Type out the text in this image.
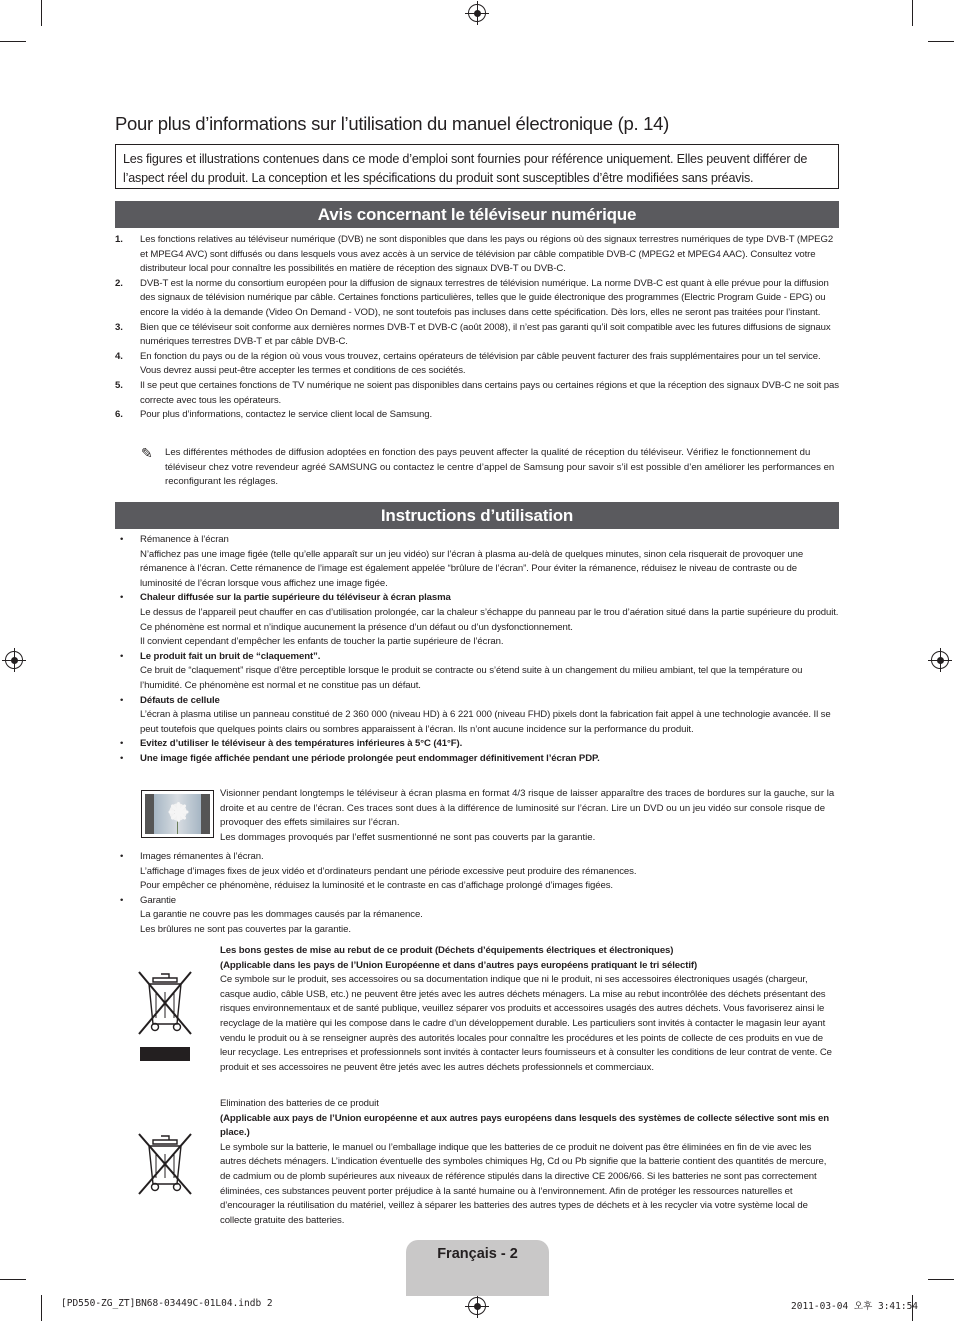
Pour plus d’informations sur l’utilisation du manuel électronique (p. 14)
Les figures et illustrations contenues dans ce mode d’emploi sont fournies pour référence uniquement. Elles peuvent différer de l’aspect réel du produit. La conception et les spécifications du produit sont susceptibles d’être modifiées sans préavis.
Avis concernant le téléviseur numérique
1. Les fonctions relatives au téléviseur numérique (DVB) ne sont disponibles que dans les pays ou régions où des signaux terrestres numériques de type DVB-T (MPEG2 et MPEG4 AVC) sont diffusés ou dans lesquels vous avez accès à un service de télévision par câble compatible DVB-C (MPEG2 et MPEG4 AAC). Consultez votre distributeur local pour connaître les possibilités en matière de réception des signaux DVB-T ou DVB-C.
2. DVB-T est la norme du consortium européen pour la diffusion de signaux terrestres de télévision numérique. La norme DVB-C est quant à elle prévue pour la diffusion des signaux de télévision numérique par câble. Certaines fonctions particulières, telles que le guide électronique des programmes (Electric Program Guide - EPG) ou encore la vidéo à la demande (Video On Demand - VOD), ne sont toutefois pas incluses dans cette spécification. Dès lors, elles ne seront pas traitées pour l’instant.
3. Bien que ce téléviseur soit conforme aux dernières normes DVB-T et DVB-C (août 2008), il n’est pas garanti qu’il soit compatible avec les futures diffusions de signaux numériques terrestres DVB-T et par câble DVB-C.
4. En fonction du pays ou de la région où vous vous trouvez, certains opérateurs de télévision par câble peuvent facturer des frais supplémentaires pour un tel service. Vous devrez aussi peut-être accepter les termes et conditions de ces sociétés.
5. Il se peut que certaines fonctions de TV numérique ne soient pas disponibles dans certains pays ou certaines régions et que la réception des signaux DVB-C ne soit pas correcte avec tous les opérateurs.
6. Pour plus d’informations, contactez le service client local de Samsung.
✎ Les différentes méthodes de diffusion adoptées en fonction des pays peuvent affecter la qualité de réception du téléviseur. Vérifiez le fonctionnement du téléviseur chez votre revendeur agréé SAMSUNG ou contactez le centre d’appel de Samsung pour savoir s’il est possible d’en améliorer les performances en reconfigurant les réglages.
Instructions d’utilisation
• Rémanence à l’écran
N’affichez pas une image figée (telle qu’elle apparaît sur un jeu vidéo) sur l’écran à plasma au-delà de quelques minutes, sinon cela risquerait de provoquer une rémanence à l’écran. Cette rémanence de l’image est également appelée “brûlure de l’écran”. Pour éviter la rémanence, réduisez le niveau de contraste ou de luminosité de l’écran lorsque vous affichez une image figée.
• Chaleur diffusée sur la partie supérieure du téléviseur à écran plasma
Le dessus de l’appareil peut chauffer en cas d’utilisation prolongée, car la chaleur s’échappe du panneau par le trou d’aération situé dans la partie supérieure du produit.
Ce phénomène est normal et n’indique aucunement la présence d’un défaut ou d’un dysfonctionnement.
Il convient cependant d’empêcher les enfants de toucher la partie supérieure de l’écran.
• Le produit fait un bruit de “claquement”.
Ce bruit de “claquement” risque d’être perceptible lorsque le produit se contracte ou s’étend suite à un changement du milieu ambiant, tel que la température ou l’humidité. Ce phénomène est normal et ne constitue pas un défaut.
• Défauts de cellule
L’écran à plasma utilise un panneau constitué de 2 360 000 (niveau HD) à 6 221 000 (niveau FHD) pixels dont la fabrication fait appel à une technologie avancée. Il se peut toutefois que quelques points clairs ou sombres apparaissent à l’écran. Ils n’ont aucune incidence sur la performance du produit.
• Evitez d’utiliser le téléviseur à des températures inférieures à 5°C (41°F).
• Une image figée affichée pendant une période prolongée peut endommager définitivement l’écran PDP.
Visionner pendant longtemps le téléviseur à écran plasma en format 4/3 risque de laisser apparaître des traces de bordures sur la gauche, sur la droite et au centre de l’écran. Ces traces sont dues à la différence de luminosité sur l’écran. Lire un DVD ou un jeu vidéo sur console risque de provoquer des effets similaires sur l’écran.
Les dommages provoqués par l’effet susmentionné ne sont pas couverts par la garantie.
• Images rémanentes à l’écran.
L’affichage d’images fixes de jeux vidéo et d’ordinateurs pendant une période excessive peut produire des rémanences.
Pour empêcher ce phénomène, réduisez la luminosité et le contraste en cas d’affichage prolongé d’images figées.
• Garantie
La garantie ne couvre pas les dommages causés par la rémanence.
Les brûlures ne sont pas couvertes par la garantie.
Les bons gestes de mise au rebut de ce produit (Déchets d’équipements électriques et électroniques)
(Applicable dans les pays de l’Union Européenne et dans d’autres pays européens pratiquant le tri sélectif)
Ce symbole sur le produit, ses accessoires ou sa documentation indique que ni le produit, ni ses accessoires électroniques usagés (chargeur, casque audio, câble USB, etc.) ne peuvent être jetés avec les autres déchets ménagers. La mise au rebut incontrôlée des déchets présentant des risques environnementaux et de santé publique, veuillez séparer vos produits et accessoires usagés des autres déchets. Vous favoriserez ainsi le recyclage de la matière qui les compose dans le cadre d’un développement durable. Les particuliers sont invités à contacter le magasin leur ayant vendu le produit ou à se renseigner auprès des autorités locales pour connaître les procédures et les points de collecte de ces produits en vue de leur recyclage. Les entreprises et professionnels sont invités à contacter leurs fournisseurs et à consulter les conditions de leur contrat de vente. Ce produit et ses accessoires ne peuvent être jetés avec les autres déchets professionnels et commerciaux.
Elimination des batteries de ce produit
(Applicable aux pays de l’Union européenne et aux autres pays européens dans lesquels des systèmes de collecte sélective sont mis en place.)
Le symbole sur la batterie, le manuel ou l’emballage indique que les batteries de ce produit ne doivent pas être éliminées en fin de vie avec les autres déchets ménagers. L’indication éventuelle des symboles chimiques Hg, Cd ou Pb signifie que la batterie contient des quantités de mercure, de cadmium ou de plomb supérieures aux niveaux de référence stipulés dans la directive CE 2006/66. Si les batteries ne sont pas correctement éliminées, ces substances peuvent porter préjudice à la santé humaine ou à l’environnement. Afin de protéger les ressources naturelles et d’encourager la réutilisation du matériel, veillez à séparer les batteries des autres types de déchets et à les recycler via votre système local de collecte gratuite des batteries.
Français - 2
[PD550-ZG_ZT]BN68-03449C-01L04.indb 2	2011-03-04 오후 3:41:54
